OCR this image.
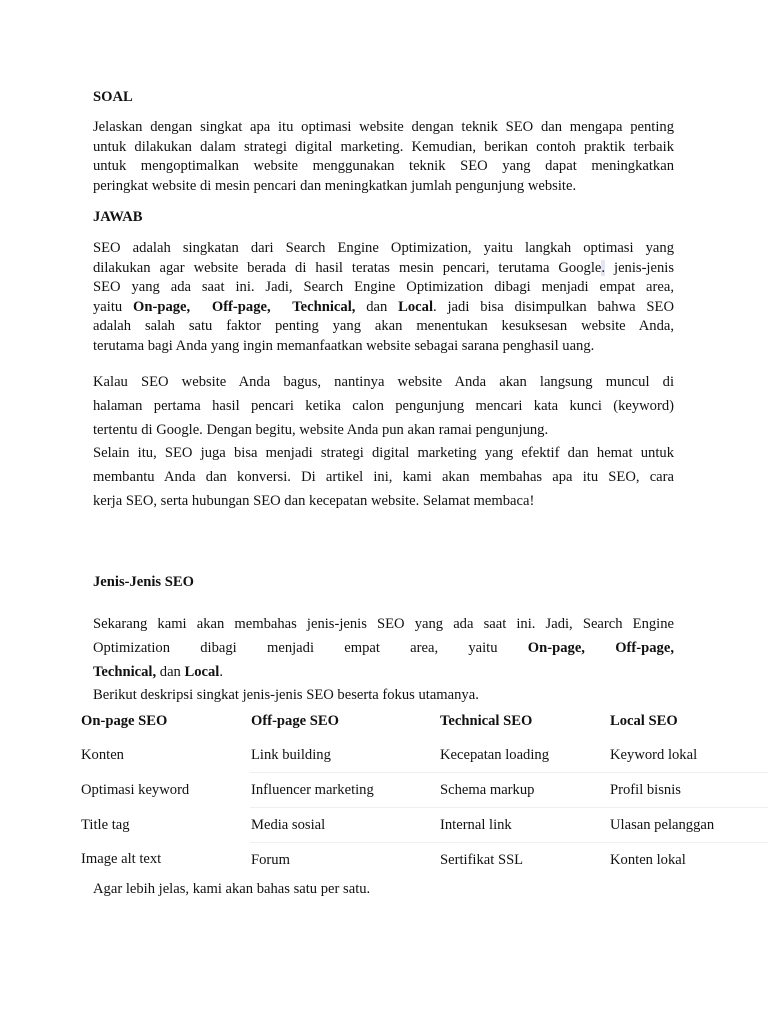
SOAL
Jelaskan dengan singkat apa itu optimasi website dengan teknik SEO dan mengapa penting
untuk dilakukan dalam strategi digital marketing. Kemudian, berikan contoh praktik terbaik
untuk mengoptimalkan website menggunakan teknik SEO yang dapat meningkatkan
peringkat website di mesin pencari dan meningkatkan jumlah pengunjung website.
JAWAB
SEO adalah singkatan dari Search Engine Optimization, yaitu langkah optimasi yang
dilakukan agar website berada di hasil teratas mesin pencari, terutama Google. jenis-jenis
SEO yang ada saat ini. Jadi, Search Engine Optimization dibagi menjadi empat area,
yaitu On-page, Off-page, Technical, dan Local. jadi bisa disimpulkan bahwa SEO
adalah salah satu faktor penting yang akan menentukan kesuksesan website Anda,
terutama bagi Anda yang ingin memanfaatkan website sebagai sarana penghasil uang.
Kalau SEO website Anda bagus, nantinya website Anda akan langsung muncul di
halaman pertama hasil pencari ketika calon pengunjung mencari kata kunci (keyword)
tertentu di Google. Dengan begitu, website Anda pun akan ramai pengunjung.
Selain itu, SEO juga bisa menjadi strategi digital marketing yang efektif dan hemat untuk
membantu Anda dan konversi. Di artikel ini, kami akan membahas apa itu SEO, cara
kerja SEO, serta hubungan SEO dan kecepatan website. Selamat membaca!
Jenis-Jenis SEO
Sekarang kami akan membahas jenis-jenis SEO yang ada saat ini. Jadi, Search Engine
Optimization dibagi menjadi empat area, yaitu On-page, Off-page,
Technical, dan Local.
Berikut deskripsi singkat jenis-jenis SEO beserta fokus utamanya.
On-page SEO	Off-page SEO	Technical SEO	Local SEO
Konten	Link building	Kecepatan loading	Keyword lokal
Optimasi keyword	Influencer marketing	Schema markup	Profil bisnis
Title tag	Media sosial	Internal link	Ulasan pelanggan
Image alt text	Forum	Sertifikat SSL	Konten lokal
Agar lebih jelas, kami akan bahas satu per satu.
